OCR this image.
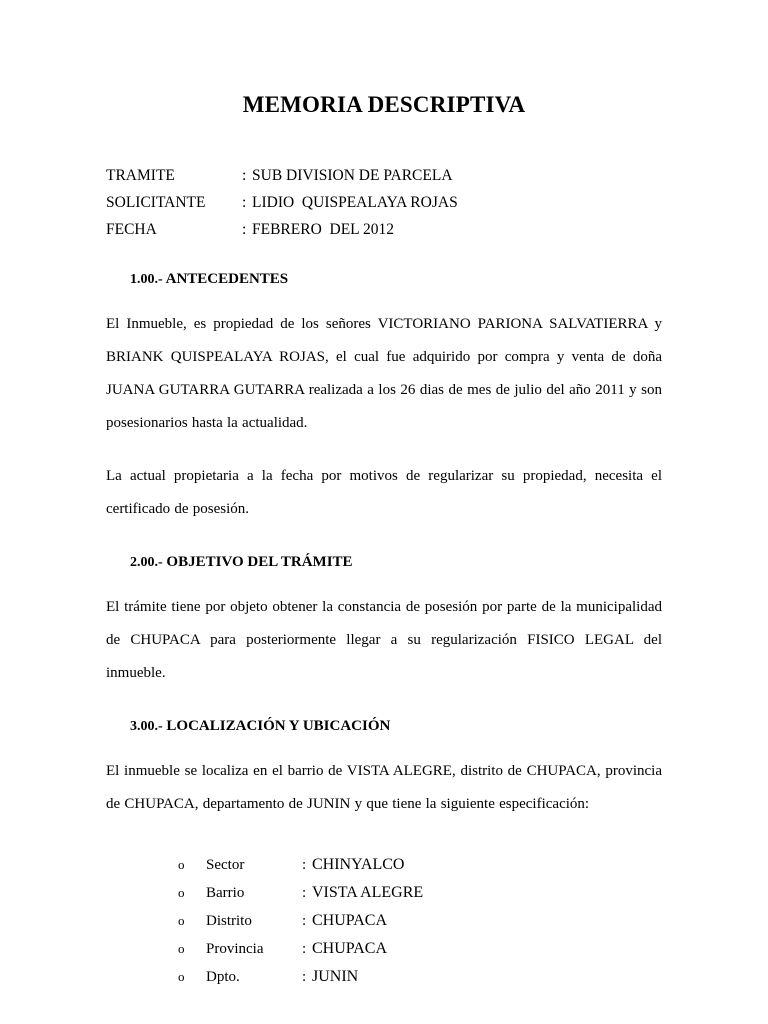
MEMORIA DESCRIPTIVA
TRAMITE	: SUB DIVISION DE PARCELA
SOLICITANTE	: LIDIO  QUISPEALAYA ROJAS
FECHA	: FEBRERO  DEL 2012
1.00.- ANTECEDENTES

El Inmueble, es propiedad de los señores VICTORIANO PARIONA SALVATIERRA y BRIANK QUISPEALAYA ROJAS, el cual fue adquirido por compra y venta de doña JUANA GUTARRA GUTARRA realizada a los 26 dias de mes de julio del año 2011 y son posesionarios hasta la actualidad.

La actual propietaria a la fecha por motivos de regularizar su propiedad, necesita el certificado de posesión.

2.00.- OBJETIVO DEL TRÁMITE

El trámite tiene por objeto obtener la constancia de posesión por parte de la municipalidad de CHUPACA para posteriormente llegar a su regularización FISICO LEGAL del inmueble.

3.00.- LOCALIZACIÓN Y UBICACIÓN

El inmueble se localiza en el barrio de VISTA ALEGRE, distrito de CHUPACA, provincia de CHUPACA, departamento de JUNIN y que tiene la siguiente especificación:

o	Sector	: CHINYALCO
o	Barrio	: VISTA ALEGRE
o	Distrito	: CHUPACA
o	Provincia	: CHUPACA
o	Dpto.	: JUNIN
